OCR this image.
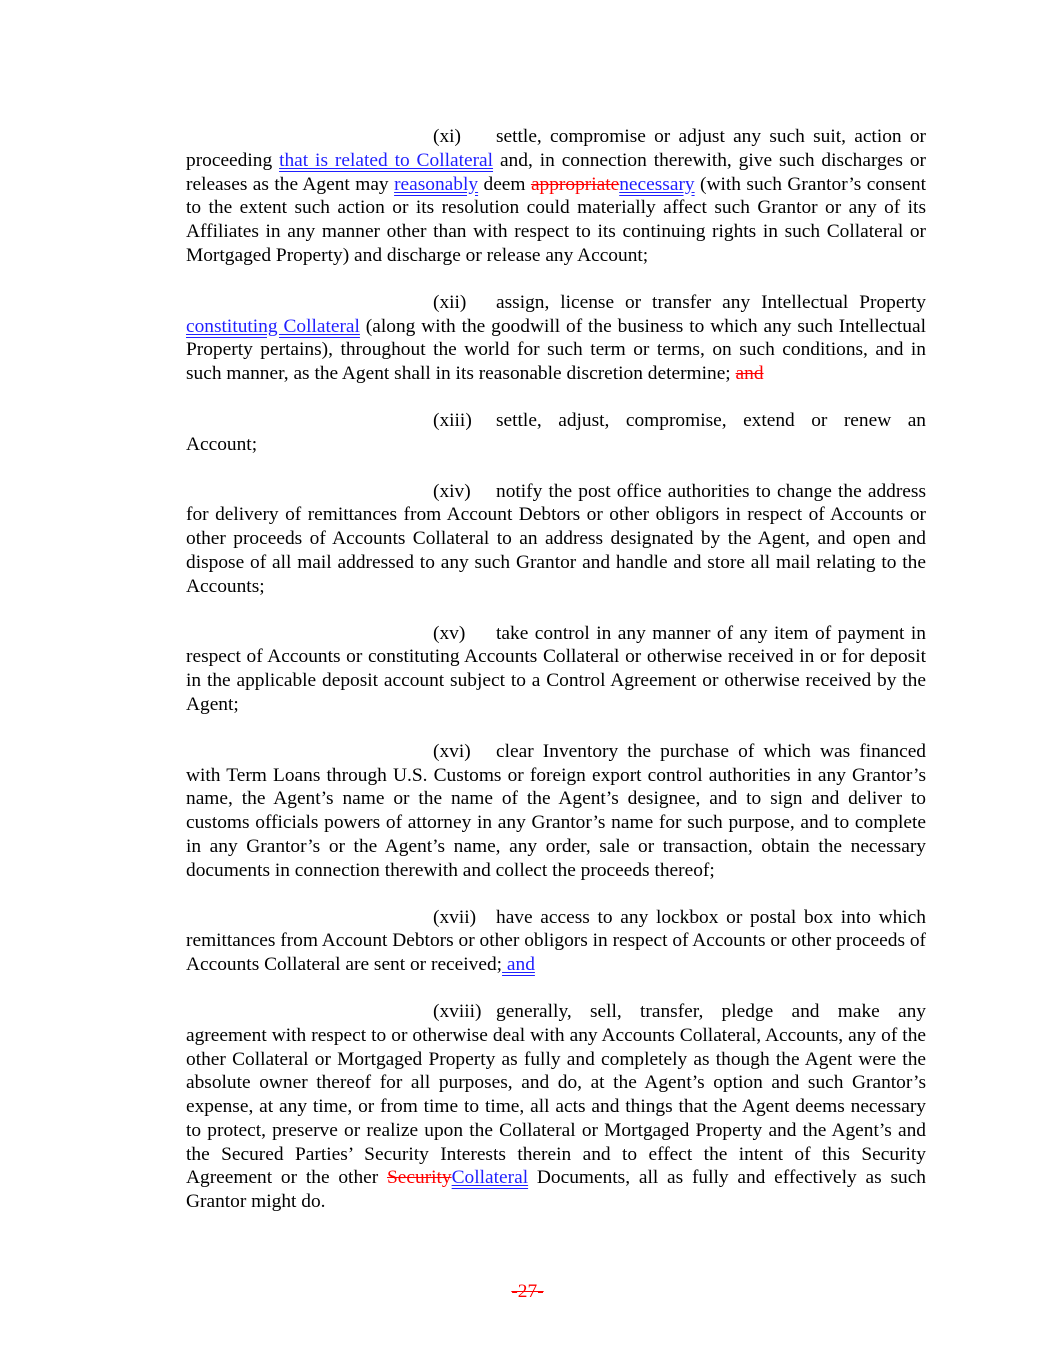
(xi) settle, compromise or adjust any such suit, action or proceeding that is related to Collateral and, in connection therewith, give such discharges or releases as the Agent may reasonably deem appropriatenecessary (with such Grantor’s consent to the extent such action or its resolution could materially affect such Grantor or any of its Affiliates in any manner other than with respect to its continuing rights in such Collateral or Mortgaged Property) and discharge or release any Account;

(xii) assign, license or transfer any Intellectual Property constituting Collateral (along with the goodwill of the business to which any such Intellectual Property pertains), throughout the world for such term or terms, on such conditions, and in such manner, as the Agent shall in its reasonable discretion determine; and

(xiii) settle, adjust, compromise, extend or renew an Account;

(xiv) notify the post office authorities to change the address for delivery of remittances from Account Debtors or other obligors in respect of Accounts or other proceeds of Accounts Collateral to an address designated by the Agent, and open and dispose of all mail addressed to any such Grantor and handle and store all mail relating to the Accounts;

(xv) take control in any manner of any item of payment in respect of Accounts or constituting Accounts Collateral or otherwise received in or for deposit in the applicable deposit account subject to a Control Agreement or otherwise received by the Agent;

(xvi) clear Inventory the purchase of which was financed with Term Loans through U.S. Customs or foreign export control authorities in any Grantor’s name, the Agent’s name or the name of the Agent’s designee, and to sign and deliver to customs officials powers of attorney in any Grantor’s name for such purpose, and to complete in any Grantor’s or the Agent’s name, any order, sale or transaction, obtain the necessary documents in connection therewith and collect the proceeds thereof;

(xvii) have access to any lockbox or postal box into which remittances from Account Debtors or other obligors in respect of Accounts or other proceeds of Accounts Collateral are sent or received; and

(xviii) generally, sell, transfer, pledge and make any agreement with respect to or otherwise deal with any Accounts Collateral, Accounts, any of the other Collateral or Mortgaged Property as fully and completely as though the Agent were the absolute owner thereof for all purposes, and do, at the Agent’s option and such Grantor’s expense, at any time, or from time to time, all acts and things that the Agent deems necessary to protect, preserve or realize upon the Collateral or Mortgaged Property and the Agent’s and the Secured Parties’ Security Interests therein and to effect the intent of this Security Agreement or the other SecurityCollateral Documents, all as fully and effectively as such Grantor might do.

-27-
